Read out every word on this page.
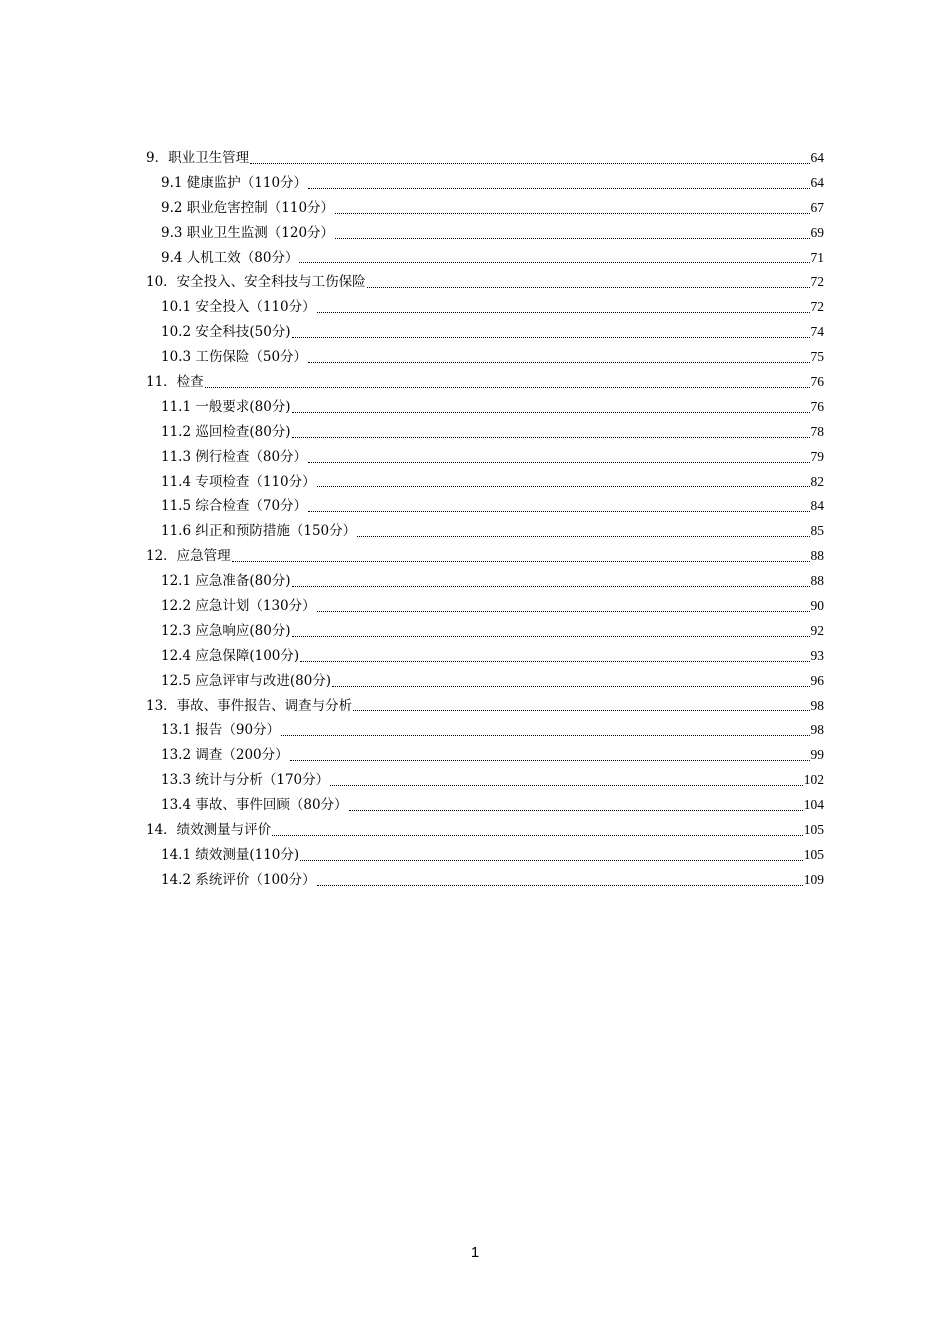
9．职业卫生管理	64
9.1 健康监护（110分）	64
9.2 职业危害控制（110分）	67
9.3 职业卫生监测（120分）	69
9.4 人机工效（80分）	71
10．安全投入、安全科技与工伤保险	72
10.1 安全投入（110分）	72
10.2 安全科技(50分)	74
10.3 工伤保险（50分）	75
11．检查	76
11.1 一般要求(80分)	76
11.2 巡回检查(80分)	78
11.3 例行检查（80分）	79
11.4 专项检查（110分）	82
11.5 综合检查（70分）	84
11.6 纠正和预防措施（150分）	85
12．应急管理	88
12.1 应急准备(80分)	88
12.2 应急计划（130分）	90
12.3 应急响应(80分)	92
12.4 应急保障(100分)	93
12.5 应急评审与改进(80分)	96
13．事故、事件报告、调查与分析	98
13.1 报告（90分）	98
13.2 调查（200分）	99
13.3 统计与分析（170分）	102
13.4 事故、事件回顾（80分）	104
14．绩效测量与评价	105
14.1 绩效测量(110分)	105
14.2 系统评价（100分）	109
1
